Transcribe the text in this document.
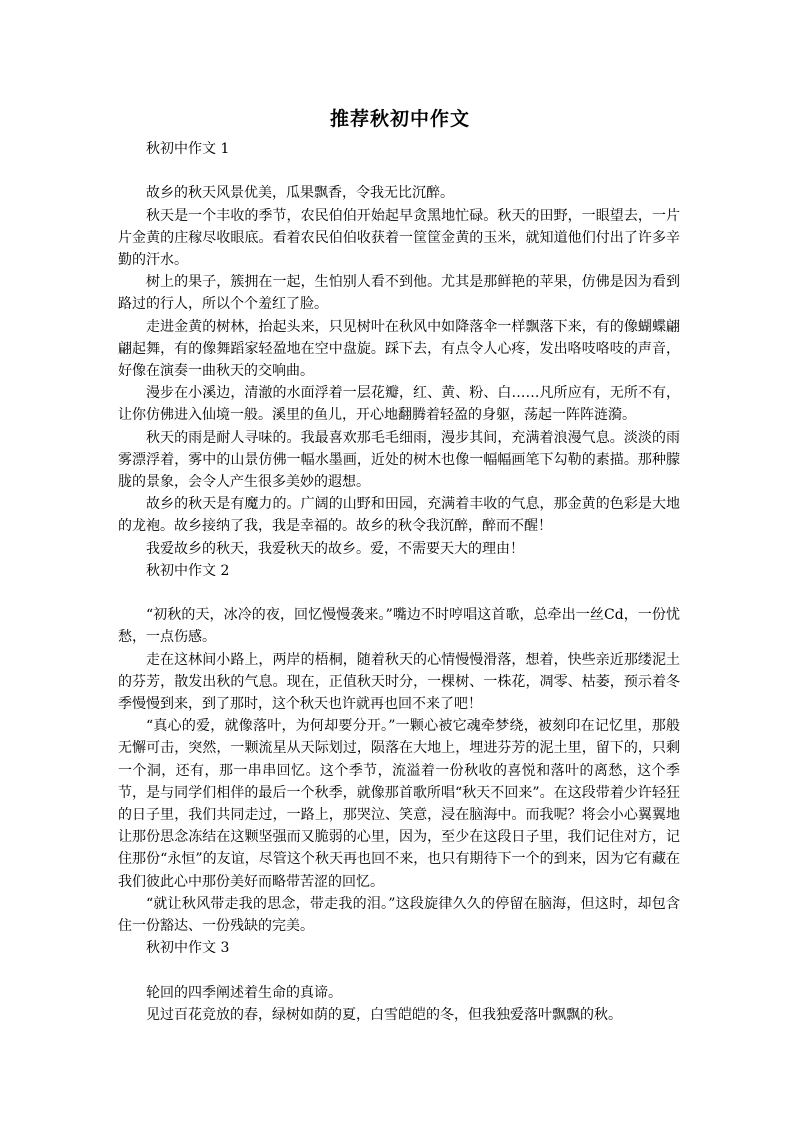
推荐秋初中作文

秋初中作文 1

故乡的秋天风景优美，瓜果飘香，令我无比沉醉。

秋天是一个丰收的季节，农民伯伯开始起早贪黑地忙碌。秋天的田野，一眼望去，一片片金黄的庄稼尽收眼底。看着农民伯伯收获着一筐筐金黄的玉米，就知道他们付出了许多辛勤的汗水。

树上的果子，簇拥在一起，生怕别人看不到他。尤其是那鲜艳的苹果，仿佛是因为看到路过的行人，所以个个羞红了脸。

走进金黄的树林，抬起头来，只见树叶在秋风中如降落伞一样飘落下来，有的像蝴蝶翩翩起舞，有的像舞蹈家轻盈地在空中盘旋。踩下去，有点令人心疼，发出咯吱咯吱的声音，好像在演奏一曲秋天的交响曲。

漫步在小溪边，清澈的水面浮着一层花瓣，红、黄、粉、白……凡所应有，无所不有，让你仿佛进入仙境一般。溪里的鱼儿，开心地翻腾着轻盈的身躯，荡起一阵阵涟漪。

秋天的雨是耐人寻味的。我最喜欢那毛毛细雨，漫步其间，充满着浪漫气息。淡淡的雨雾漂浮着，雾中的山景仿佛一幅水墨画，近处的树木也像一幅幅画笔下勾勒的素描。那种朦胧的景象，会令人产生很多美妙的遐想。

故乡的秋天是有魔力的。广阔的山野和田园，充满着丰收的气息，那金黄的色彩是大地的龙袍。故乡接纳了我，我是幸福的。故乡的秋令我沉醉，醉而不醒！

我爱故乡的秋天，我爱秋天的故乡。爱，不需要天大的理由！

秋初中作文 2

“初秋的天，冰冷的夜，回忆慢慢袭来。”嘴边不时哼唱这首歌，总牵出一丝Cd，一份忧愁，一点伤感。

走在这林间小路上，两岸的梧桐，随着秋天的心情慢慢滑落，想着，快些亲近那缕泥土的芬芳，散发出秋的气息。现在，正值秋天时分，一棵树、一株花，凋零、枯萎，预示着冬季慢慢到来，到了那时，这个秋天也许就再也回不来了吧！

“真心的爱，就像落叶，为何却要分开。”一颗心被它魂牵梦绕，被刻印在记忆里，那般无懈可击，突然，一颗流星从天际划过，陨落在大地上，埋进芬芳的泥土里，留下的，只剩一个洞，还有，那一串串回忆。这个季节，流溢着一份秋收的喜悦和落叶的离愁，这个季节，是与同学们相伴的最后一个秋季，就像那首歌所唱“秋天不回来”。在这段带着少许轻狂的日子里，我们共同走过，一路上，那哭泣、笑意，浸在脑海中。而我呢？将会小心翼翼地让那份思念冻结在这颗坚强而又脆弱的心里，因为，至少在这段日子里，我们记住对方，记住那份“永恒”的友谊，尽管这个秋天再也回不来，也只有期待下一个的到来，因为它有藏在我们彼此心中那份美好而略带苦涩的回忆。

“就让秋风带走我的思念，带走我的泪。”这段旋律久久的停留在脑海，但这时，却包含住一份豁达、一份残缺的完美。

秋初中作文 3

轮回的四季阐述着生命的真谛。

见过百花竞放的春，绿树如荫的夏，白雪皑皑的冬，但我独爱落叶飘飘的秋。
